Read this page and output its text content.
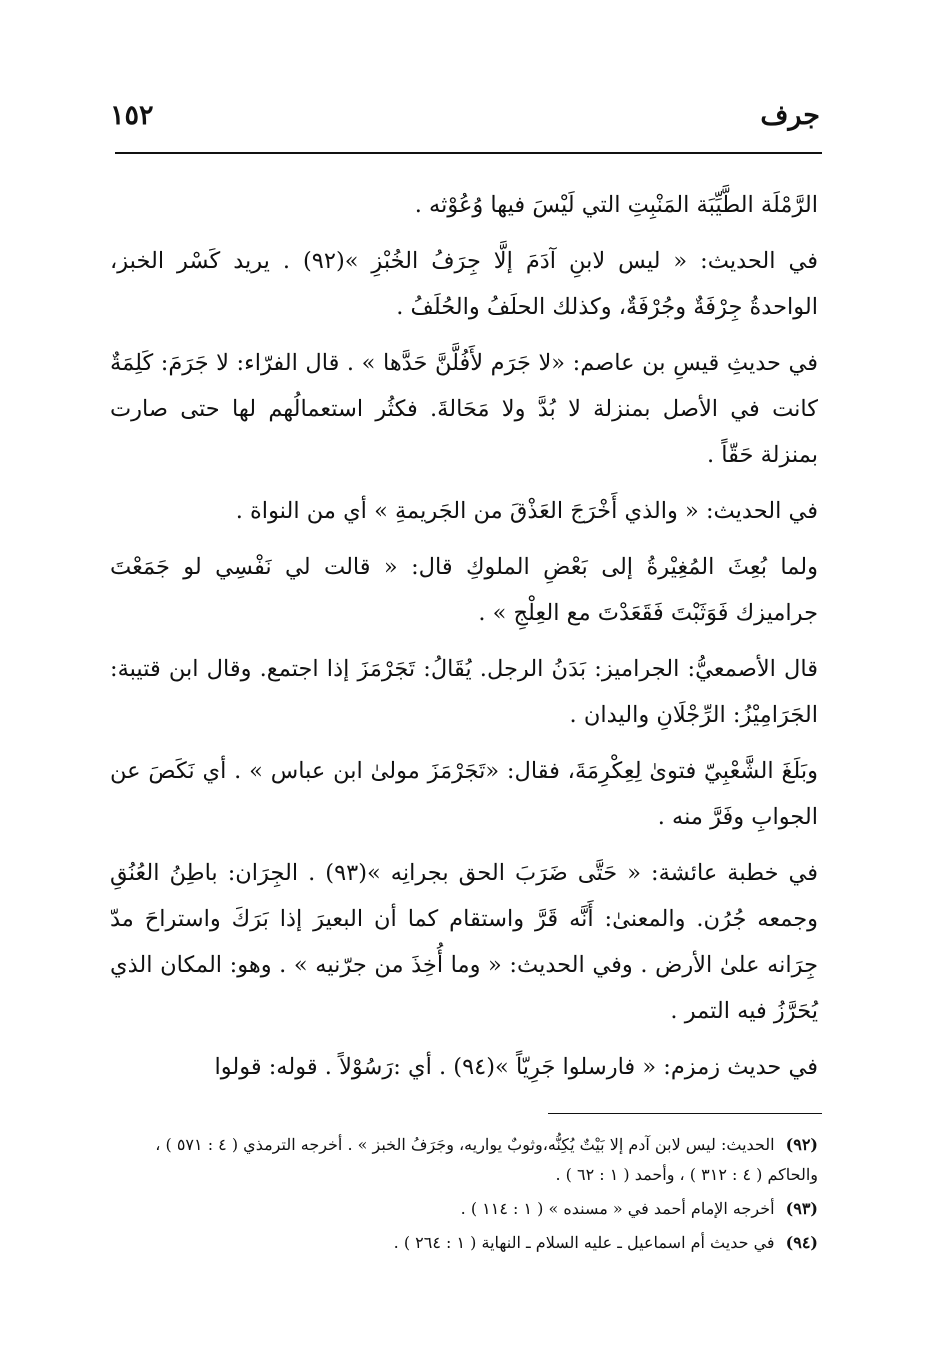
جرف
١٥٢

الرَّمْلَة الطَّيِّبَة المَنْبِتِ التي لَيْسَ فيها وُعُوْثه .

في الحديث: « ليس لابنِ آدَمَ إلَّا جِرَفُ الخُبْزِ »(٩٢) . يريد كَسْر الخبز، الواحدةُ جِرْفَةٌ وجُرْفَةٌ، وكذلك الحلَفُ والحُلَفُ .

في حديثِ قيسِ بن عاصم: «لا جَرَم لأَفُلَّنَّ حَدَّها » . قال الفرّاء: لا جَرَمَ: كَلِمَةٌ كانت في الأصل بمنزلة لا بُدَّ ولا مَحَالةَ. فكثُر استعمالُهم لها حتى صارت بمنزلة حَقّاً .

في الحديث: « والذي أَخْرَجَ العَذْقَ من الجَريمةِ » أي من النواة .

ولما بُعِثَ المُغِيْرةُ إلى بَعْضِ الملوكِ قال: « قالت لي نَفْسِي لو جَمَعْتَ جراميزك فَوَثَبْتَ فَقَعَدْتَ مع العِلْجِ » .

قال الأصمعيُّ: الجراميز: بَدَنُ الرجل. يُقَالُ: تَجَرْمَزَ إذا اجتمع. وقال ابن قتيبة: الجَرَامِيْزُ: الرِّجْلَانِ واليدان .

وبَلَغَ الشَّعْبِيّ فتوىٰ لِعِكْرِمَةَ، فقال: «تَجَرْمَزَ مولىٰ ابن عباس » . أي نَكَصَ عن الجوابِ وفَرَّ منه .

في خطبة عائشة: « حَتَّى ضَرَبَ الحق بجرانِه »(٩٣) . الجِرَان: باطِنُ العُنُقِ وجمعه جُرُن. والمعنىٰ: أَنَّه قَرَّ واستقام كما أن البعيرَ إذا بَرَكَ واستراحَ مدّ جِرَانه علىٰ الأرض . وفي الحديث: « وما أُخِذَ من جرّنيه » . وهو: المكان الذي يُحَرَّزُ فيه التمر .

في حديث زمزم: « فارسلوا جَرِيّاً »(٩٤) . أي :رَسُوْلاً . قوله: قولوا

(٩٢) الحديث: ليس لابن آدم إلا بَيْتٌ يُكِنُّه،وثوبٌ يواريه، وجَرَفُ الخبز » . أخرجه الترمذي ( ٤ : ٥٧١ ) ، والحاكم ( ٤ : ٣١٢ ) ، وأحمد ( ١ : ٦٢ ) .

(٩٣) أخرجه الإمام أحمد في « مسنده » ( ١ : ١١٤ ) .

(٩٤) في حديث أم اسماعيل ـ عليه السلام ـ النهاية ( ١ : ٢٦٤ ) .
